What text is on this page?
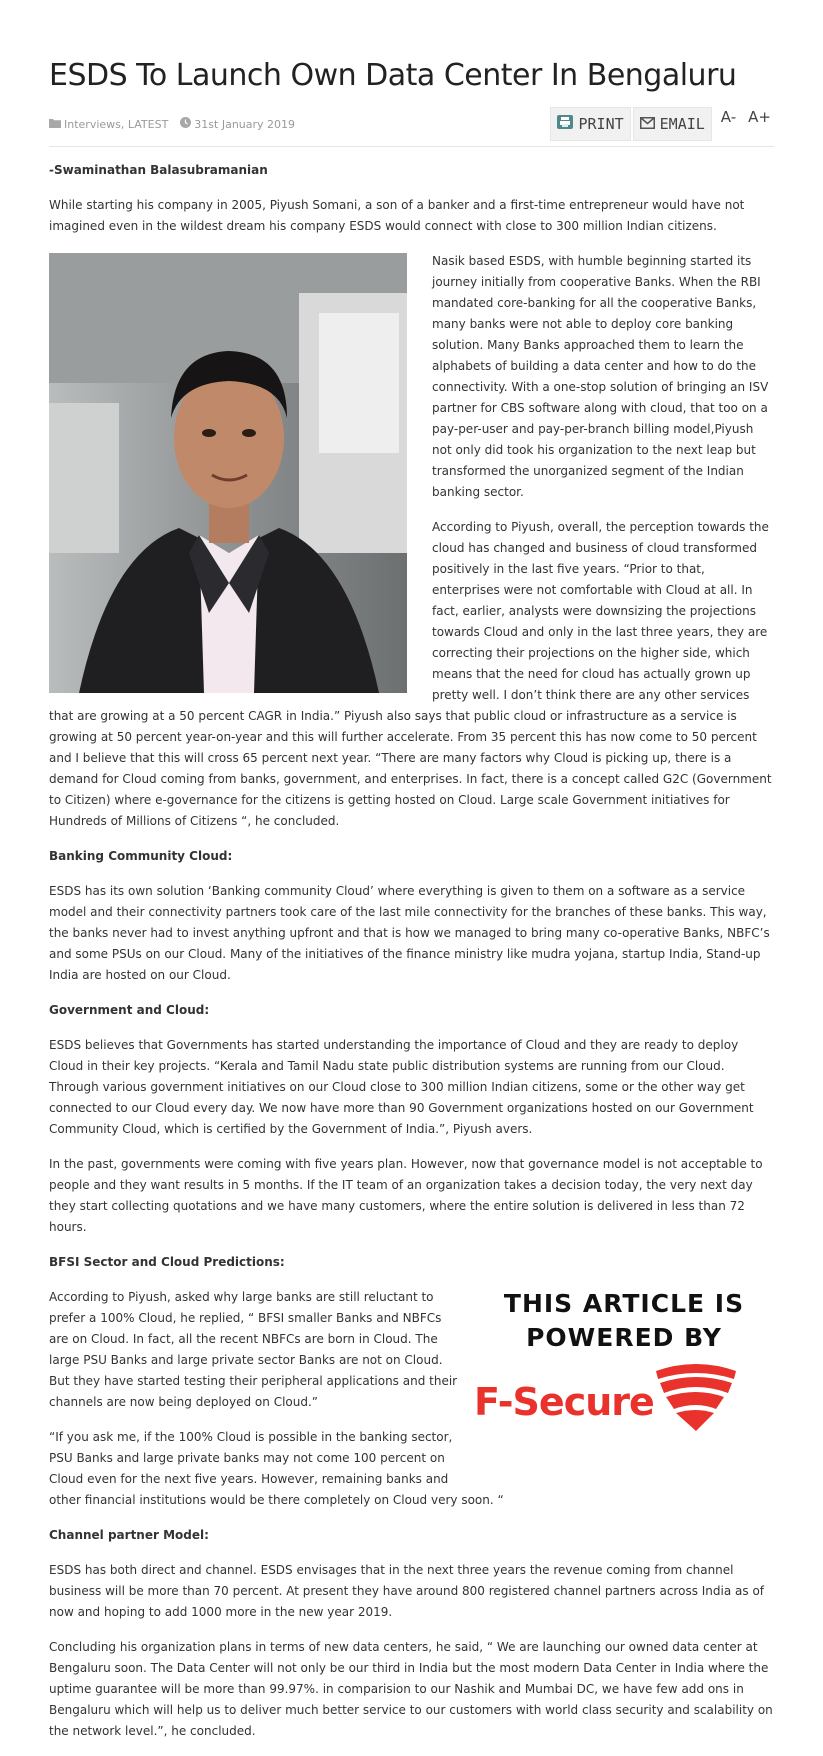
ESDS To Launch Own Data Center In Bengaluru
Interviews, LATEST 31st January 2019	PRINT EMAIL A- A+

-Swaminathan Balasubramanian

While starting his company in 2005, Piyush Somani, a son of a banker and a first-time entrepreneur would have not imagined even in the wildest dream his company ESDS would connect with close to 300 million Indian citizens.

Nasik based ESDS, with humble beginning started its journey initially from cooperative Banks. When the RBI mandated core-banking for all the cooperative Banks, many banks were not able to deploy core banking solution. Many Banks approached them to learn the alphabets of building a data center and how to do the connectivity. With a one-stop solution of bringing an ISV partner for CBS software along with cloud, that too on a pay-per-user and pay-per-branch billing model,Piyush not only did took his organization to the next leap but transformed the unorganized segment of the Indian banking sector.

According to Piyush, overall, the perception towards the cloud has changed and business of cloud transformed positively in the last five years. “Prior to that, enterprises were not comfortable with Cloud at all. In fact, earlier, analysts were downsizing the projections towards Cloud and only in the last three years, they are correcting their projections on the higher side, which means that the need for cloud has actually grown up pretty well. I don’t think there are any other services that are growing at a 50 percent CAGR in India.” Piyush also says that public cloud or infrastructure as a service is growing at 50 percent year-on-year and this will further accelerate. From 35 percent this has now come to 50 percent and I believe that this will cross 65 percent next year. “There are many factors why Cloud is picking up, there is a demand for Cloud coming from banks, government, and enterprises. In fact, there is a concept called G2C (Government to Citizen) where e-governance for the citizens is getting hosted on Cloud. Large scale Government initiatives for Hundreds of Millions of Citizens “, he concluded.

Banking Community Cloud:

ESDS has its own solution ‘Banking community Cloud’ where everything is given to them on a software as a service model and their connectivity partners took care of the last mile connectivity for the branches of these banks. This way, the banks never had to invest anything upfront and that is how we managed to bring many co-operative Banks, NBFC’s and some PSUs on our Cloud. Many of the initiatives of the finance ministry like mudra yojana, startup India, Stand-up India are hosted on our Cloud.

Government and Cloud:

ESDS believes that Governments has started understanding the importance of Cloud and they are ready to deploy Cloud in their key projects. “Kerala and Tamil Nadu state public distribution systems are running from our Cloud. Through various government initiatives on our Cloud close to 300 million Indian citizens, some or the other way get connected to our Cloud every day. We now have more than 90 Government organizations hosted on our Government Community Cloud, which is certified by the Government of India.”, Piyush avers.

In the past, governments were coming with five years plan. However, now that governance model is not acceptable to people and they want results in 5 months. If the IT team of an organization takes a decision today, the very next day they start collecting quotations and we have many customers, where the entire solution is delivered in less than 72 hours.

BFSI Sector and Cloud Predictions:

THIS ARTICLE IS
POWERED BY
F-Secure

According to Piyush, asked why large banks are still reluctant to prefer a 100% Cloud, he replied, “ BFSI smaller Banks and NBFCs are on Cloud. In fact, all the recent NBFCs are born in Cloud. The large PSU Banks and large private sector Banks are not on Cloud. But they have started testing their peripheral applications and their channels are now being deployed on Cloud.”

“If you ask me, if the 100% Cloud is possible in the banking sector, PSU Banks and large private banks may not come 100 percent on Cloud even for the next five years. However, remaining banks and other financial institutions would be there completely on Cloud very soon. “

Channel partner Model:

ESDS has both direct and channel. ESDS envisages that in the next three years the revenue coming from channel business will be more than 70 percent. At present they have around 800 registered channel partners across India as of now and hoping to add 1000 more in the new year 2019.

Concluding his organization plans in terms of new data centers, he said, “ We are launching our owned data center at Bengaluru soon. The Data Center will not only be our third in India but the most modern Data Center in India where the uptime guarantee will be more than 99.97%. in comparision to our Nashik and Mumbai DC, we have few add ons in Bengaluru which will help us to deliver much better service to our customers with world class security and scalability on the network level.”, he concluded.
